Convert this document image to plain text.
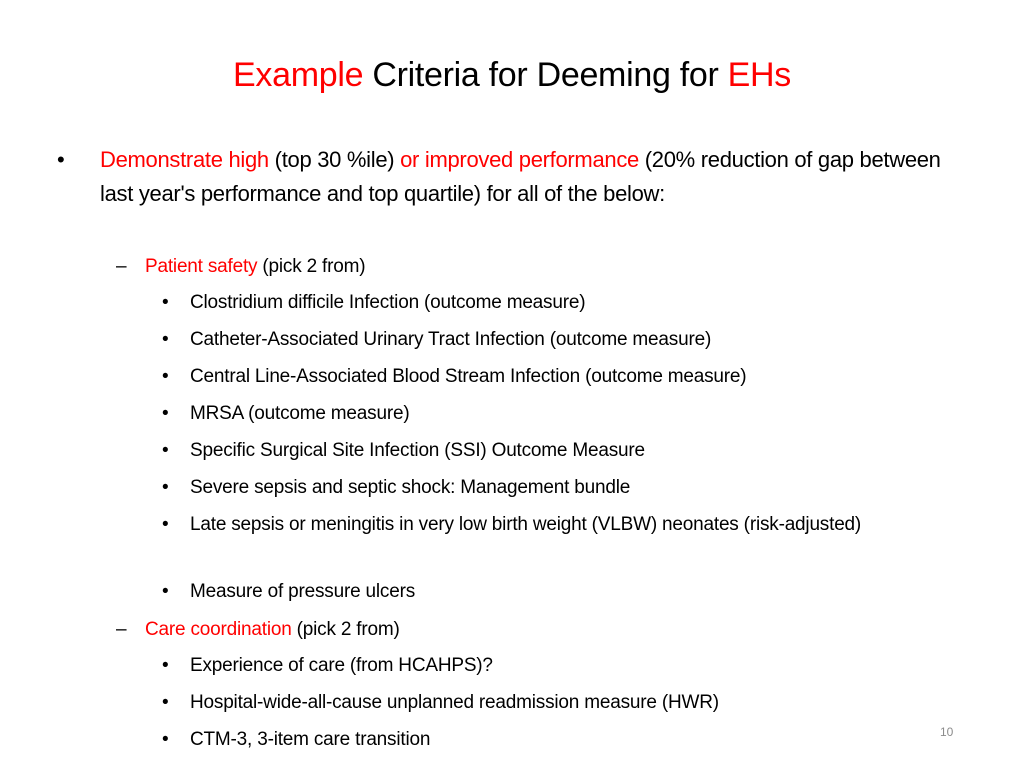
Example Criteria for Deeming for EHs
• Demonstrate high (top 30 %ile) or improved performance (20% reduction of gap between last year's performance and top quartile) for all of the below:
– Patient safety (pick 2 from)
• Clostridium difficile Infection (outcome measure)
• Catheter-Associated Urinary Tract Infection (outcome measure)
• Central Line-Associated Blood Stream Infection (outcome measure)
• MRSA (outcome measure)
• Specific Surgical Site Infection (SSI) Outcome Measure
• Severe sepsis and septic shock: Management bundle
• Late sepsis or meningitis in very low birth weight (VLBW) neonates (risk-adjusted)
• Measure of pressure ulcers
– Care coordination (pick 2 from)
• Experience of care (from HCAHPS)?
• Hospital-wide-all-cause unplanned readmission measure (HWR)
• CTM-3, 3-item care transition	10
